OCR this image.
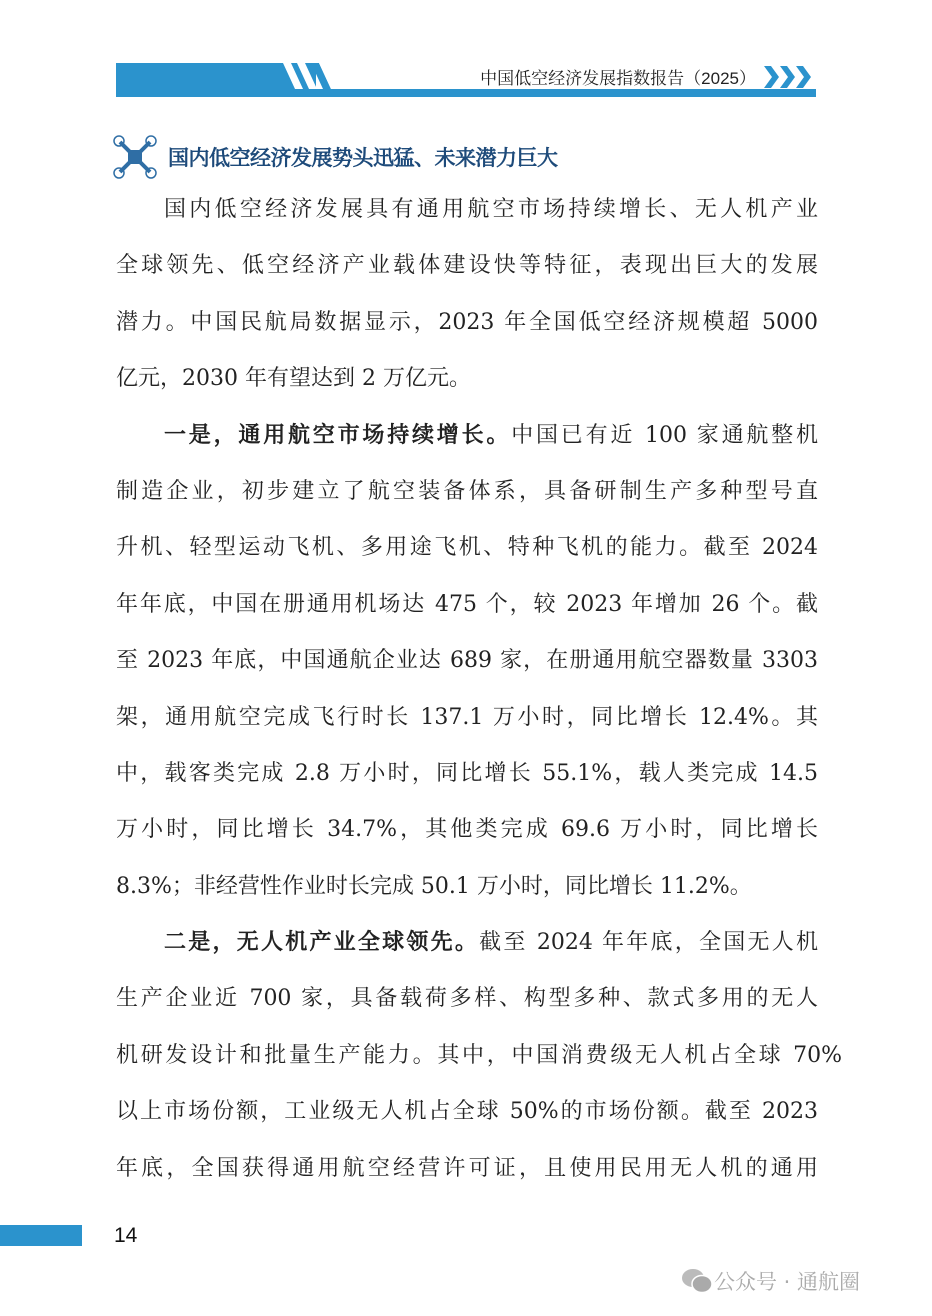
中国低空经济发展指数报告（2025）
国内低空经济发展势头迅猛、未来潜力巨大
国内低空经济发展具有通用航空市场持续增长、无人机产业
全球领先、低空经济产业载体建设快等特征，表现出巨大的发展
潜力。中国民航局数据显示，2023 年全国低空经济规模超 5000
亿元，2030 年有望达到 2 万亿元。
一是，通用航空市场持续增长。中国已有近 100 家通航整机
制造企业，初步建立了航空装备体系，具备研制生产多种型号直
升机、轻型运动飞机、多用途飞机、特种飞机的能力。截至 2024
年年底，中国在册通用机场达 475 个，较 2023 年增加 26 个。截
至 2023 年底，中国通航企业达 689 家，在册通用航空器数量 3303
架，通用航空完成飞行时长 137.1 万小时，同比增长 12.4%。其
中，载客类完成 2.8 万小时，同比增长 55.1%，载人类完成 14.5
万小时，同比增长 34.7%，其他类完成 69.6 万小时，同比增长
8.3%；非经营性作业时长完成 50.1 万小时，同比增长 11.2%。
二是，无人机产业全球领先。截至 2024 年年底，全国无人机
生产企业近 700 家，具备载荷多样、构型多种、款式多用的无人
机研发设计和批量生产能力。其中，中国消费级无人机占全球 70%
以上市场份额，工业级无人机占全球 50%的市场份额。截至 2023
年底，全国获得通用航空经营许可证，且使用民用无人机的通用
14
公众号 · 通航圈
